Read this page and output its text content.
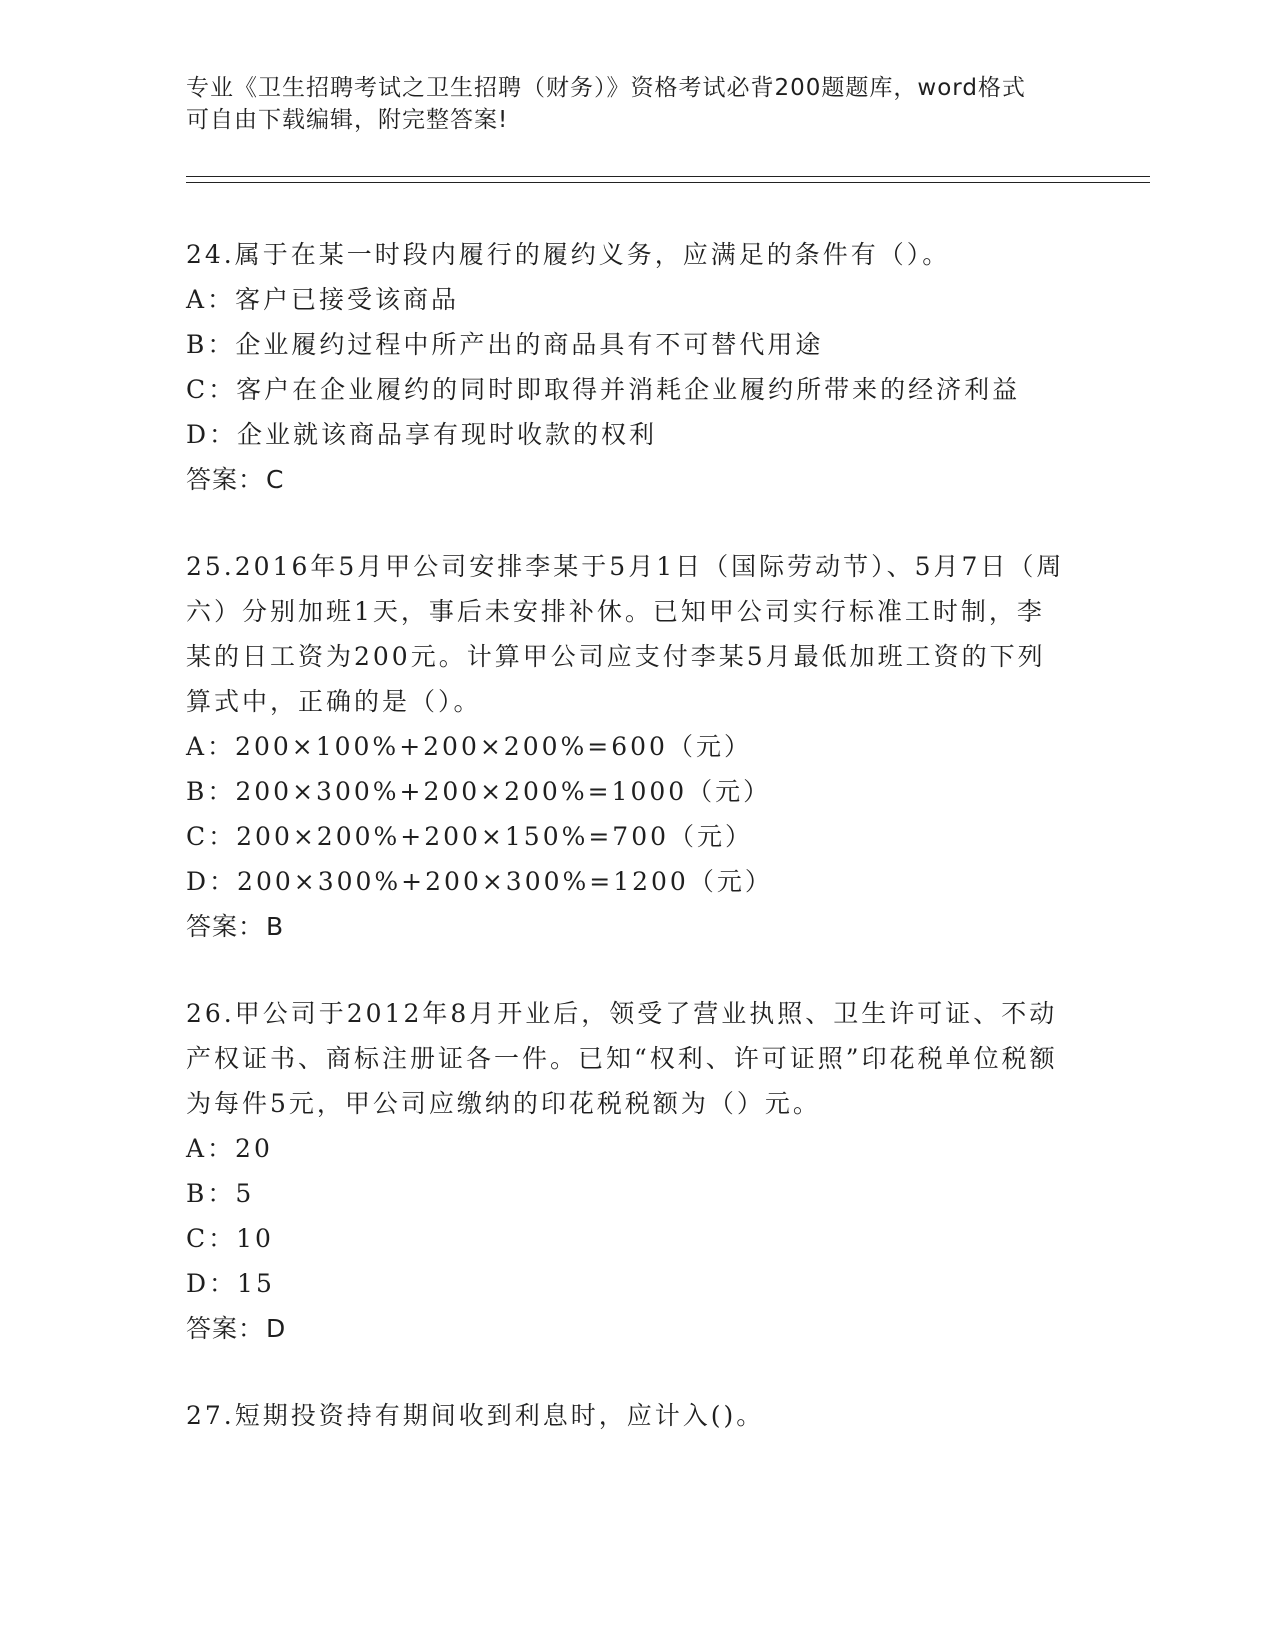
专业《卫生招聘考试之卫生招聘（财务）》资格考试必背200题题库，word格式
可自由下载编辑，附完整答案!
24.属于在某一时段内履行的履约义务，应满足的条件有（）。
A：客户已接受该商品
B：企业履约过程中所产出的商品具有不可替代用途
C：客户在企业履约的同时即取得并消耗企业履约所带来的经济利益
D：企业就该商品享有现时收款的权利
答案：C
25.2016年5月甲公司安排李某于5月1日（国际劳动节）、5月7日（周六）分别加班1天，事后未安排补休。已知甲公司实行标准工时制，李某的日工资为200元。计算甲公司应支付李某5月最低加班工资的下列算式中，正确的是（）。
A：200×100%+200×200%=600（元）
B：200×300%+200×200%=1000（元）
C：200×200%+200×150%=700（元）
D：200×300%+200×300%=1200（元）
答案：B
26.甲公司于2012年8月开业后，领受了营业执照、卫生许可证、不动产权证书、商标注册证各一件。已知“权利、许可证照”印花税单位税额为每件5元，甲公司应缴纳的印花税税额为（）元。
A：20
B：5
C：10
D：15
答案：D
27.短期投资持有期间收到利息时，应计入()。
